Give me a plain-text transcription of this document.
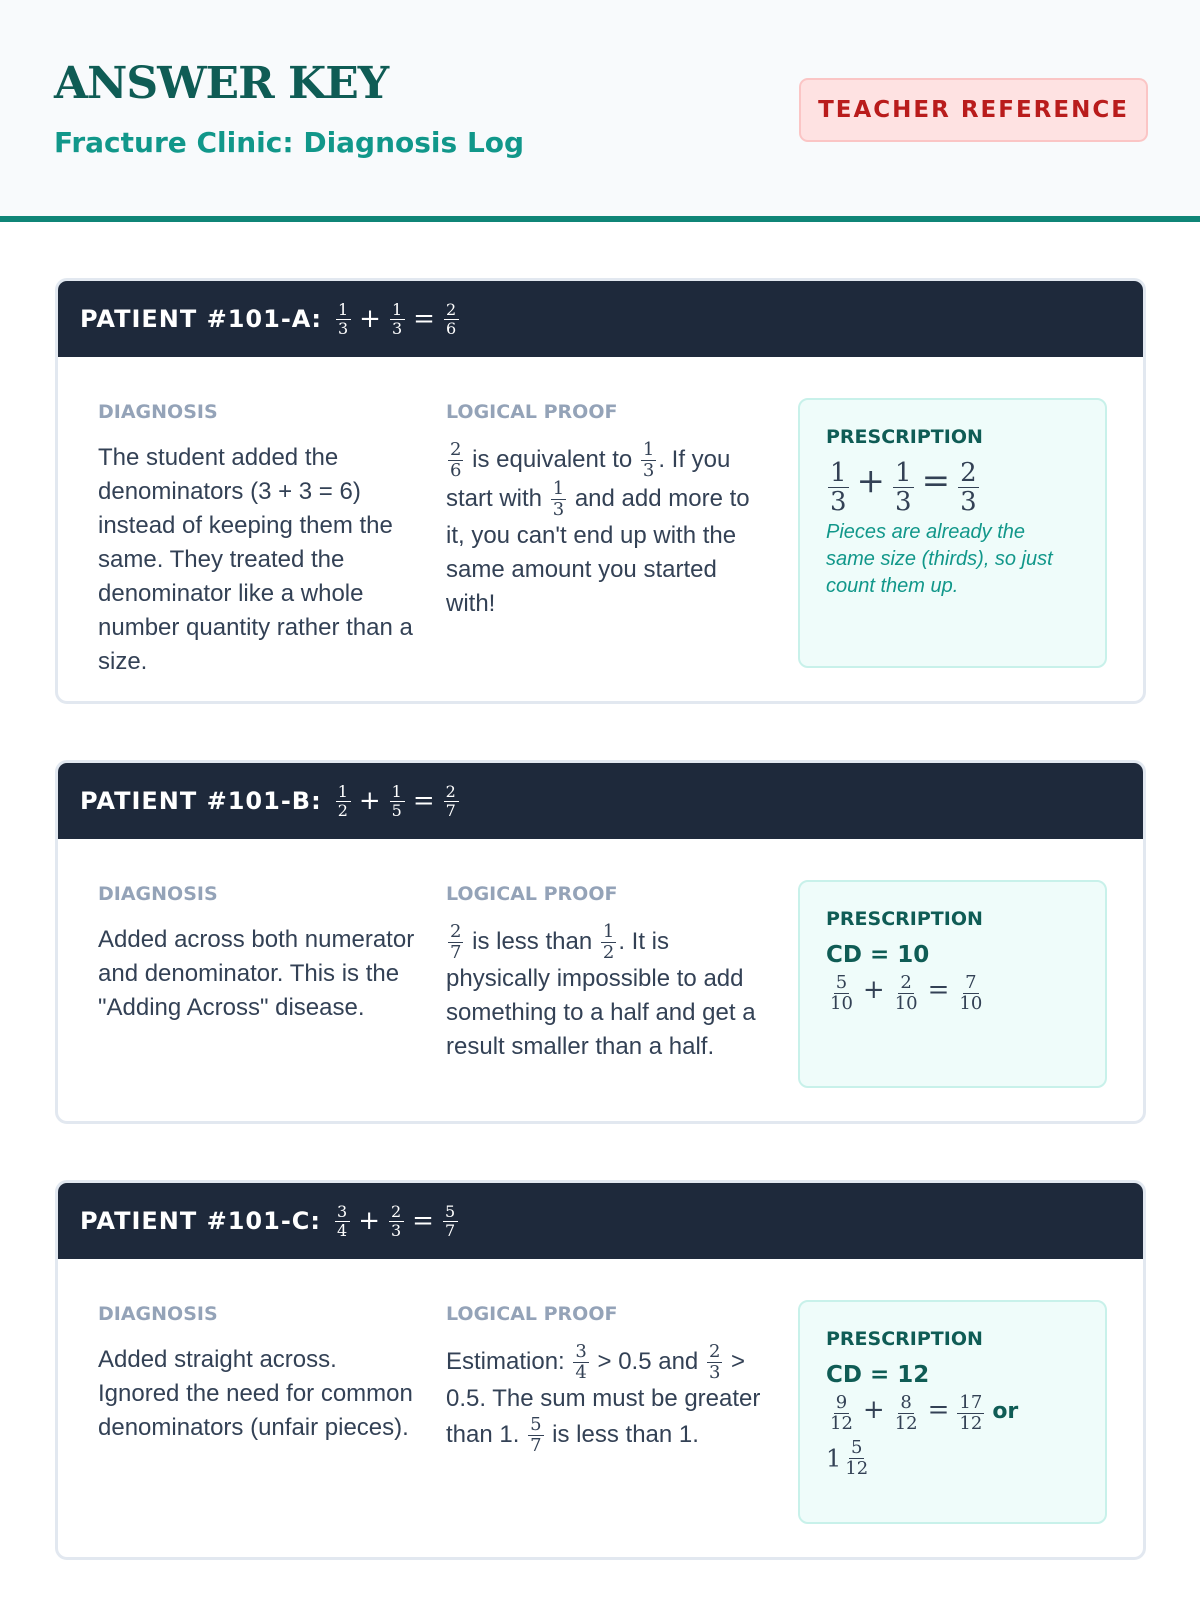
ANSWER KEY
Fracture Clinic: Diagnosis Log
TEACHER REFERENCE
PATIENT #101-A : $\frac{1}{3} + \frac{1}{3} = \frac{2}{6}$
DIAGNOSIS
The student added the denominators (3 + 3 = 6) instead of keeping them the same. They treated the denominator like a whole number quantity rather than a size.
LOGICAL PROOF
$\frac{2}{6}$ is equivalent to $\frac{1}{3}$ . If you start with $\frac{1}{3}$ and add more to it, you can't end up with the same amount you started with!
PRESCRIPTION
$\frac{1}{3} + \frac{1}{3} = \frac{2}{3}$
Pieces are already the same size (thirds), so just count them up.
PATIENT #101-B : $\frac{1}{2} + \frac{1}{5} = \frac{2}{7}$
DIAGNOSIS
Added across both numerator and denominator. This is the "Adding Across" disease.
LOGICAL PROOF
$\frac{2}{7}$ is less than $\frac{1}{2}$ . It is physically impossible to add something to a half and get a result smaller than a half.
PRESCRIPTION
CD = 10
$\frac{5}{10} + \frac{2}{10} = \frac{7}{10}$
PATIENT #101-C : $\frac{3}{4} + \frac{2}{3} = \frac{5}{7}$
DIAGNOSIS
Added straight across. Ignored the need for common denominators (unfair pieces).
LOGICAL PROOF
Estimation: $\frac{3}{4} > 0.5$ and $\frac{2}{3} > 0.5$. The sum must be greater than 1. $\frac{5}{7}$ is less than 1.
PRESCRIPTION
CD = 12
$\frac{9}{12} + \frac{8}{12} = \frac{17}{12}$ or
$1 \frac{5}{12}$
